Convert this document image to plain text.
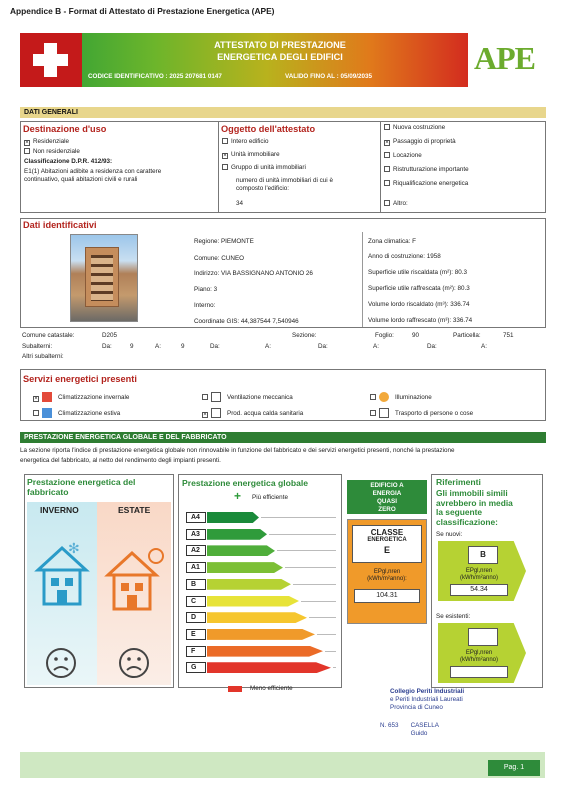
Appendice B - Format di Attestato di Prestazione Energetica (APE)
ATTESTATO DI PRESTAZIONE
ENERGETICA DEGLI EDIFICI
CODICE IDENTIFICATIVO : 2025 207681 0147	VALIDO FINO AL : 05/09/2035
APE
DATI GENERALI
Destinazione d'uso
× Residenziale
Non residenziale
Classificazione D.P.R. 412/93:
E1(1) Abitazioni adibite a residenza con carattere
continuativo, quali abitazioni civili e rurali
Oggetto dell'attestato
Intero edificio
× Unità immobiliare
Gruppo di unità immobiliari
numero di unità immobiliari di cui è
composto l'edificio:
34
Nuova costruzione
× Passaggio di proprietà
Locazione
Ristrutturazione importante
Riqualificazione energetica
Altro:
Dati identificativi
Regione: PIEMONTE
Comune: CUNEO
Indirizzo: VIA BASSIGNANO ANTONIO 26
Piano: 3
Interno:
Coordinate GIS: 44,387544 7,540946
Zona climatica: F
Anno di costruzione: 1958
Superficie utile riscaldata (m²): 80.3
Superficie utile raffrescata (m²): 80.3
Volume lordo riscaldato (m³): 336.74
Volume lordo raffrescato (m³): 336.74
Comune catastale:	D205	Sezione:	Foglio:	90	Particella:	751
Subalterni:	Da:	9	A:	9	Da:	A:	Da:	A:	Da:	A:
Altri subalterni:
Servizi energetici presenti
×	Climatizzazione invernale
Climatizzazione estiva
Ventilazione meccanica
×	Prod. acqua calda sanitaria
Illuminazione
Trasporto di persone o cose
PRESTAZIONE ENERGETICA GLOBALE E DEL FABBRICATO
La sezione riporta l'indice di prestazione energetica globale non rinnovabile in funzione del fabbricato e dei servizi energetici presenti, nonché la prestazione
energetica del fabbricato, al netto del rendimento degli impianti presenti.
Prestazione energetica del
fabbricato
INVERNO	ESTATE
✻
Prestazione energetica globale
+ Più efficiente
A4
A3
A2
A1
B
C
D
E
F
G
Meno efficiente
EDIFICIO A
ENERGIA
QUASI
ZERO
CLASSE
ENERGETICA
E
EPgl,nren
(kWh/m²anno):
104.31
Riferimenti
Gli immobili simili
avrebbero in media
la seguente
classificazione:
Se nuovi:
B
EPgl,nren
(kWh/m²anno)
54.34
Se esistenti:
EPgl,nren
(kWh/m²anno)
Collegio Periti Industriali
e Periti Industriali Laureati
Provincia di Cuneo
N. 653 CASELLA
Guido
Pag. 1
